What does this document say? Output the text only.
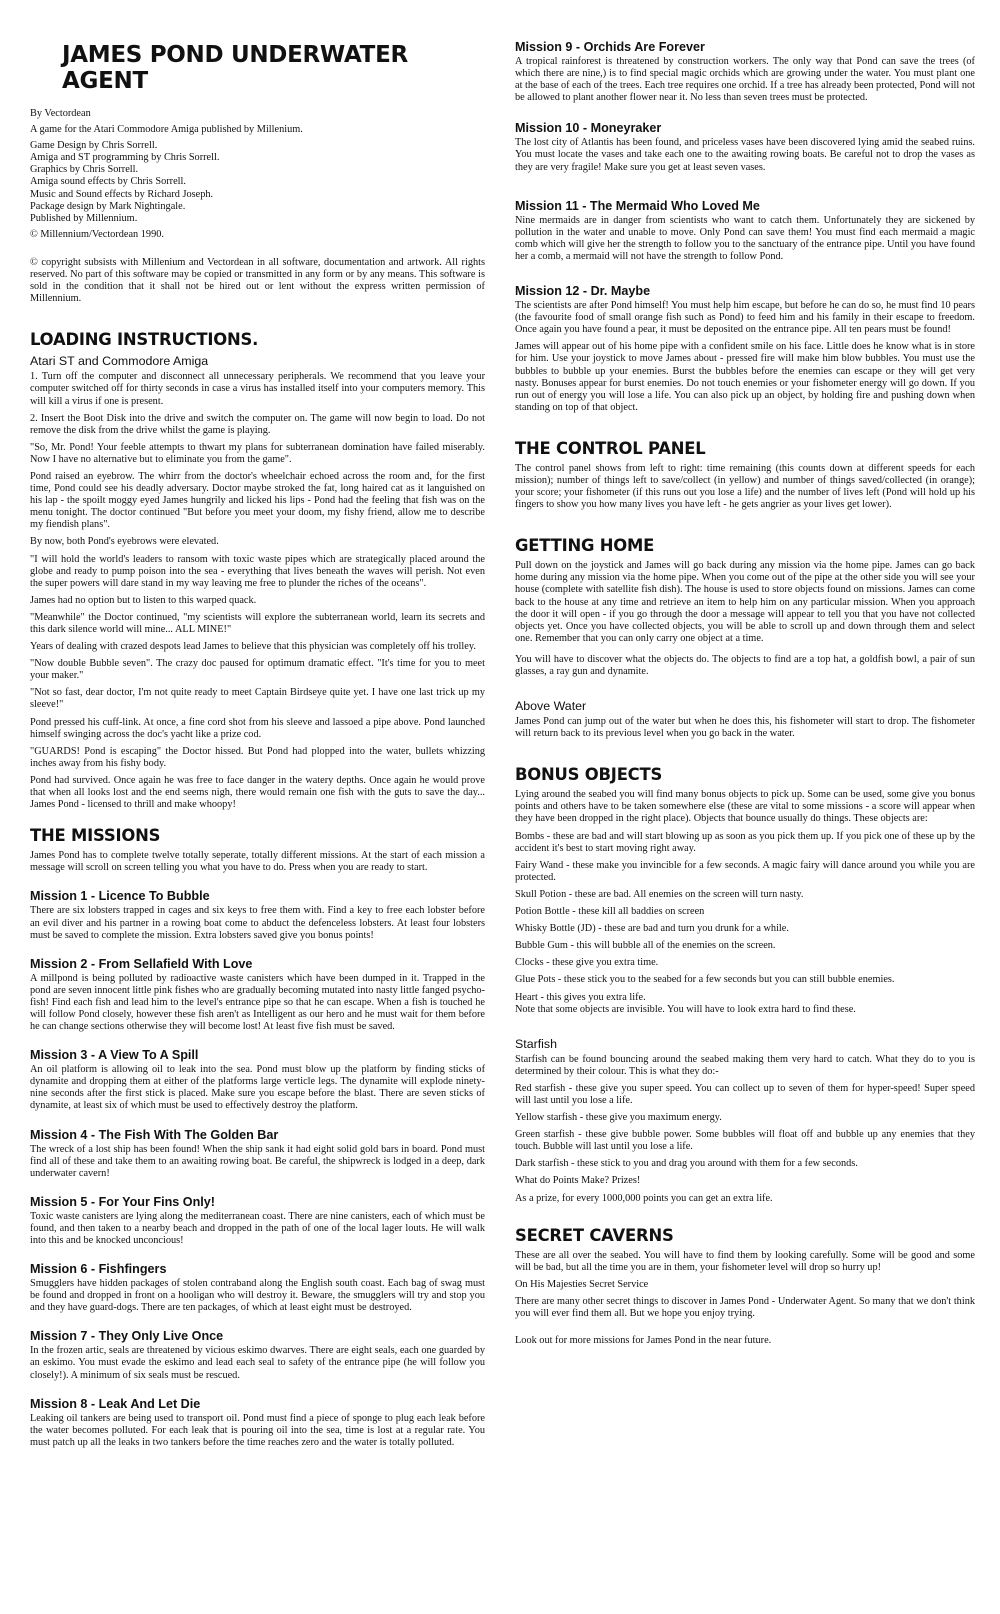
JAMES POND UNDERWATER AGENT

By Vectordean

A game for the Atari Commodore Amiga published by Millenium.

Game Design by Chris Sorrell.

Amiga and ST programming by Chris Sorrell.

Graphics by Chris Sorrell.

Amiga sound effects by Chris Sorrell.

Music and Sound effects by Richard Joseph.

Package design by Mark Nightingale.

Published by Millennium.

© Millennium/Vectordean 1990.

© copyright subsists with Millenium and Vectordean in all software, documentation and artwork. All rights reserved. No part of this software may be copied or transmitted in any form or by any means. This software is sold in the condition that it shall not be hired out or lent without the express written permission of Millennium.

LOADING INSTRUCTIONS.
Atari ST and Commodore Amiga

1. Turn off the computer and disconnect all unnecessary peripherals. We recommend that you leave your computer switched off for thirty seconds in case a virus has installed itself into your computers memory. This will kill a virus if one is present.

2. Insert the Boot Disk into the drive and switch the computer on. The game will now begin to load. Do not remove the disk from the drive whilst the game is playing.

"So, Mr. Pond! Your feeble attempts to thwart my plans for subterranean domination have failed miserably. Now I have no alternative but to eliminate you from the game".

Pond raised an eyebrow. The whirr from the doctor's wheelchair echoed across the room and, for the first time, Pond could see his deadly adversary. Doctor maybe stroked the fat, long haired cat as it languished on his lap - the spoilt moggy eyed James hungrily and licked his lips - Pond had the feeling that fish was on the menu tonight. The doctor continued "But before you meet your doom, my fishy friend, allow me to describe my fiendish plans".

By now, both Pond's eyebrows were elevated.

"I will hold the world's leaders to ransom with toxic waste pipes which are strategically placed around the globe and ready to pump poison into the sea - everything that lives beneath the waves will perish. Not even the super powers will dare stand in my way leaving me free to plunder the riches of the oceans".

James had no option but to listen to this warped quack.

"Meanwhile" the Doctor continued, "my scientists will explore the subterranean world, learn its secrets and this dark silence world will mine... ALL MINE!"

Years of dealing with crazed despots lead James to believe that this physician was completely off his trolley.

"Now double Bubble seven". The crazy doc paused for optimum dramatic effect. "It's time for you to meet your maker."

"Not so fast, dear doctor, I'm not quite ready to meet Captain Birdseye quite yet. I have one last trick up my sleeve!"

Pond pressed his cuff-link. At once, a fine cord shot from his sleeve and lassoed a pipe above. Pond launched himself swinging across the doc's yacht like a prize cod.

"GUARDS! Pond is escaping" the Doctor hissed. But Pond had plopped into the water, bullets whizzing inches away from his fishy body.

Pond had survived. Once again he was free to face danger in the watery depths. Once again he would prove that when all looks lost and the end seems nigh, there would remain one fish with the guts to save the day... James Pond - licensed to thrill and make whoopy!

THE MISSIONS

James Pond has to complete twelve totally seperate, totally different missions. At the start of each mission a message will scroll on screen telling you what you have to do. Press when you are ready to start.

Mission 1 - Licence To Bubble

There are six lobsters trapped in cages and six keys to free them with. Find a key to free each lobster before an evil diver and his partner in a rowing boat come to abduct the defenceless lobsters. At least four lobsters must be saved to complete the mission. Extra lobsters saved give you bonus points!

Mission 2 - From Sellafield With Love

A millpond is being polluted by radioactive waste canisters which have been dumped in it. Trapped in the pond are seven innocent little pink fishes who are gradually becoming mutated into nasty little fanged psycho-fish! Find each fish and lead him to the level's entrance pipe so that he can escape. When a fish is touched he will follow Pond closely, however these fish aren't as Intelligent as our hero and he must wait for them before he can change sections otherwise they will become lost! At least five fish must be saved.

Mission 3 - A View To A Spill

An oil platform is allowing oil to leak into the sea. Pond must blow up the platform by finding sticks of dynamite and dropping them at either of the platforms large verticle legs. The dynamite will explode ninety-nine seconds after the first stick is placed. Make sure you escape before the blast. There are seven sticks of dynamite, at least six of which must be used to effectively destroy the platform.

Mission 4 - The Fish With The Golden Bar

The wreck of a lost ship has been found! When the ship sank it had eight solid gold bars in board. Pond must find all of these and take them to an awaiting rowing boat. Be careful, the shipwreck is lodged in a deep, dark underwater cavern!

Mission 5 - For Your Fins Only!

Toxic waste canisters are lying along the mediterranean coast. There are nine canisters, each of which must be found, and then taken to a nearby beach and dropped in the path of one of the local lager louts. He will walk into this and be knocked unconcious!

Mission 6 - Fishfingers

Smugglers have hidden packages of stolen contraband along the English south coast. Each bag of swag must be found and dropped in front on a hooligan who will destroy it. Beware, the smugglers will try and stop you and they have guard-dogs. There are ten packages, of which at least eight must be destroyed.

Mission 7 - They Only Live Once

In the frozen artic, seals are threatened by vicious eskimo dwarves. There are eight seals, each one guarded by an eskimo. You must evade the eskimo and lead each seal to safety of the entrance pipe (he will follow you closely!). A minimum of six seals must be rescued.

Mission 8 - Leak And Let Die

Leaking oil tankers are being used to transport oil. Pond must find a piece of sponge to plug each leak before the water becomes polluted. For each leak that is pouring oil into the sea, time is lost at a regular rate. You must patch up all the leaks in two tankers before the time reaches zero and the water is totally polluted.

Mission 9 - Orchids Are Forever

A tropical rainforest is threatened by construction workers. The only way that Pond can save the trees (of which there are nine,) is to find special magic orchids which are growing under the water. You must plant one at the base of each of the trees. Each tree requires one orchid. If a tree has already been protected, Pond will not be allowed to plant another flower near it. No less than seven trees must be protected.

Mission 10 - Moneyraker

The lost city of Atlantis has been found, and priceless vases have been discovered lying amid the seabed ruins. You must locate the vases and take each one to the awaiting rowing boats. Be careful not to drop the vases as they are very fragile! Make sure you get at least seven vases.

Mission 11 - The Mermaid Who Loved Me

Nine mermaids are in danger from scientists who want to catch them. Unfortunately they are sickened by pollution in the water and unable to move. Only Pond can save them! You must find each mermaid a magic comb which will give her the strength to follow you to the sanctuary of the entrance pipe. Until you have found her a comb, a mermaid will not have the strength to follow Pond.

Mission 12 - Dr. Maybe

The scientists are after Pond himself! You must help him escape, but before he can do so, he must find 10 pears (the favourite food of small orange fish such as Pond) to feed him and his family in their escape to freedom. Once again you have found a pear, it must be deposited on the entrance pipe. All ten pears must be found!

James will appear out of his home pipe with a confident smile on his face. Little does he know what is in store for him. Use your joystick to move James about - pressed fire will make him blow bubbles. You must use the bubbles to bubble up your enemies. Burst the bubbles before the enemies can escape or they will get very nasty. Bonuses appear for burst enemies. Do not touch enemies or your fishometer energy will go down. If you run out of energy you will lose a life. You can also pick up an object, by holding fire and pushing down when standing on top of that object.

THE CONTROL PANEL

The control panel shows from left to right: time remaining (this counts down at different speeds for each mission); number of things left to save/collect (in yellow) and number of things saved/collected (in orange); your score; your fishometer (if this runs out you lose a life) and the number of lives left (Pond will hold up his fingers to show you how many lives you have left - he gets angrier as your lives get lower).

GETTING HOME

Pull down on the joystick and James will go back during any mission via the home pipe. James can go back home during any mission via the home pipe. When you come out of the pipe at the other side you will see your house (complete with satellite fish dish). The house is used to store objects found on missions. James can come back to the house at any time and retrieve an item to help him on any particular mission. When you approach the door it will open - if you go through the door a message will appear to tell you that you have not collected objects yet. Once you have collected objects, you will be able to scroll up and down through them and select one. Remember that you can only carry one object at a time.

You will have to discover what the objects do. The objects to find are a top hat, a goldfish bowl, a pair of sun glasses, a ray gun and dynamite.

Above Water

James Pond can jump out of the water but when he does this, his fishometer will start to drop. The fishometer will return back to its previous level when you go back in the water.

BONUS OBJECTS

Lying around the seabed you will find many bonus objects to pick up. Some can be used, some give you bonus points and others have to be taken somewhere else (these are vital to some missions - a score will appear when they have been dropped in the right place). Objects that bounce usually do things. These objects are:

Bombs - these are bad and will start blowing up as soon as you pick them up. If you pick one of these up by the accident it's best to start moving right away.

Fairy Wand - these make you invincible for a few seconds. A magic fairy will dance around you while you are protected.

Skull Potion - these are bad. All enemies on the screen will turn nasty.

Potion Bottle - these kill all baddies on screen

Whisky Bottle (JD) - these are bad and turn you drunk for a while.

Bubble Gum - this will bubble all of the enemies on the screen.

Clocks - these give you extra time.

Glue Pots - these stick you to the seabed for a few seconds but you can still bubble enemies.

Heart - this gives you extra life.

Note that some objects are invisible. You will have to look extra hard to find these.

Starfish

Starfish can be found bouncing around the seabed making them very hard to catch. What they do to you is determined by their colour. This is what they do:-

Red starfish - these give you super speed. You can collect up to seven of them for hyper-speed! Super speed will last until you lose a life.

Yellow starfish - these give you maximum energy.

Green starfish - these give bubble power. Some bubbles will float off and bubble up any enemies that they touch. Bubble will last until you lose a life.

Dark starfish - these stick to you and drag you around with them for a few seconds.

What do Points Make? Prizes!

As a prize, for every 1000,000 points you can get an extra life.

SECRET CAVERNS

These are all over the seabed. You will have to find them by looking carefully. Some will be good and some will be bad, but all the time you are in them, your fishometer level will drop so hurry up!

On His Majesties Secret Service

There are many other secret things to discover in James Pond - Underwater Agent. So many that we don't think you will ever find them all. But we hope you enjoy trying.

Look out for more missions for James Pond in the near future.
